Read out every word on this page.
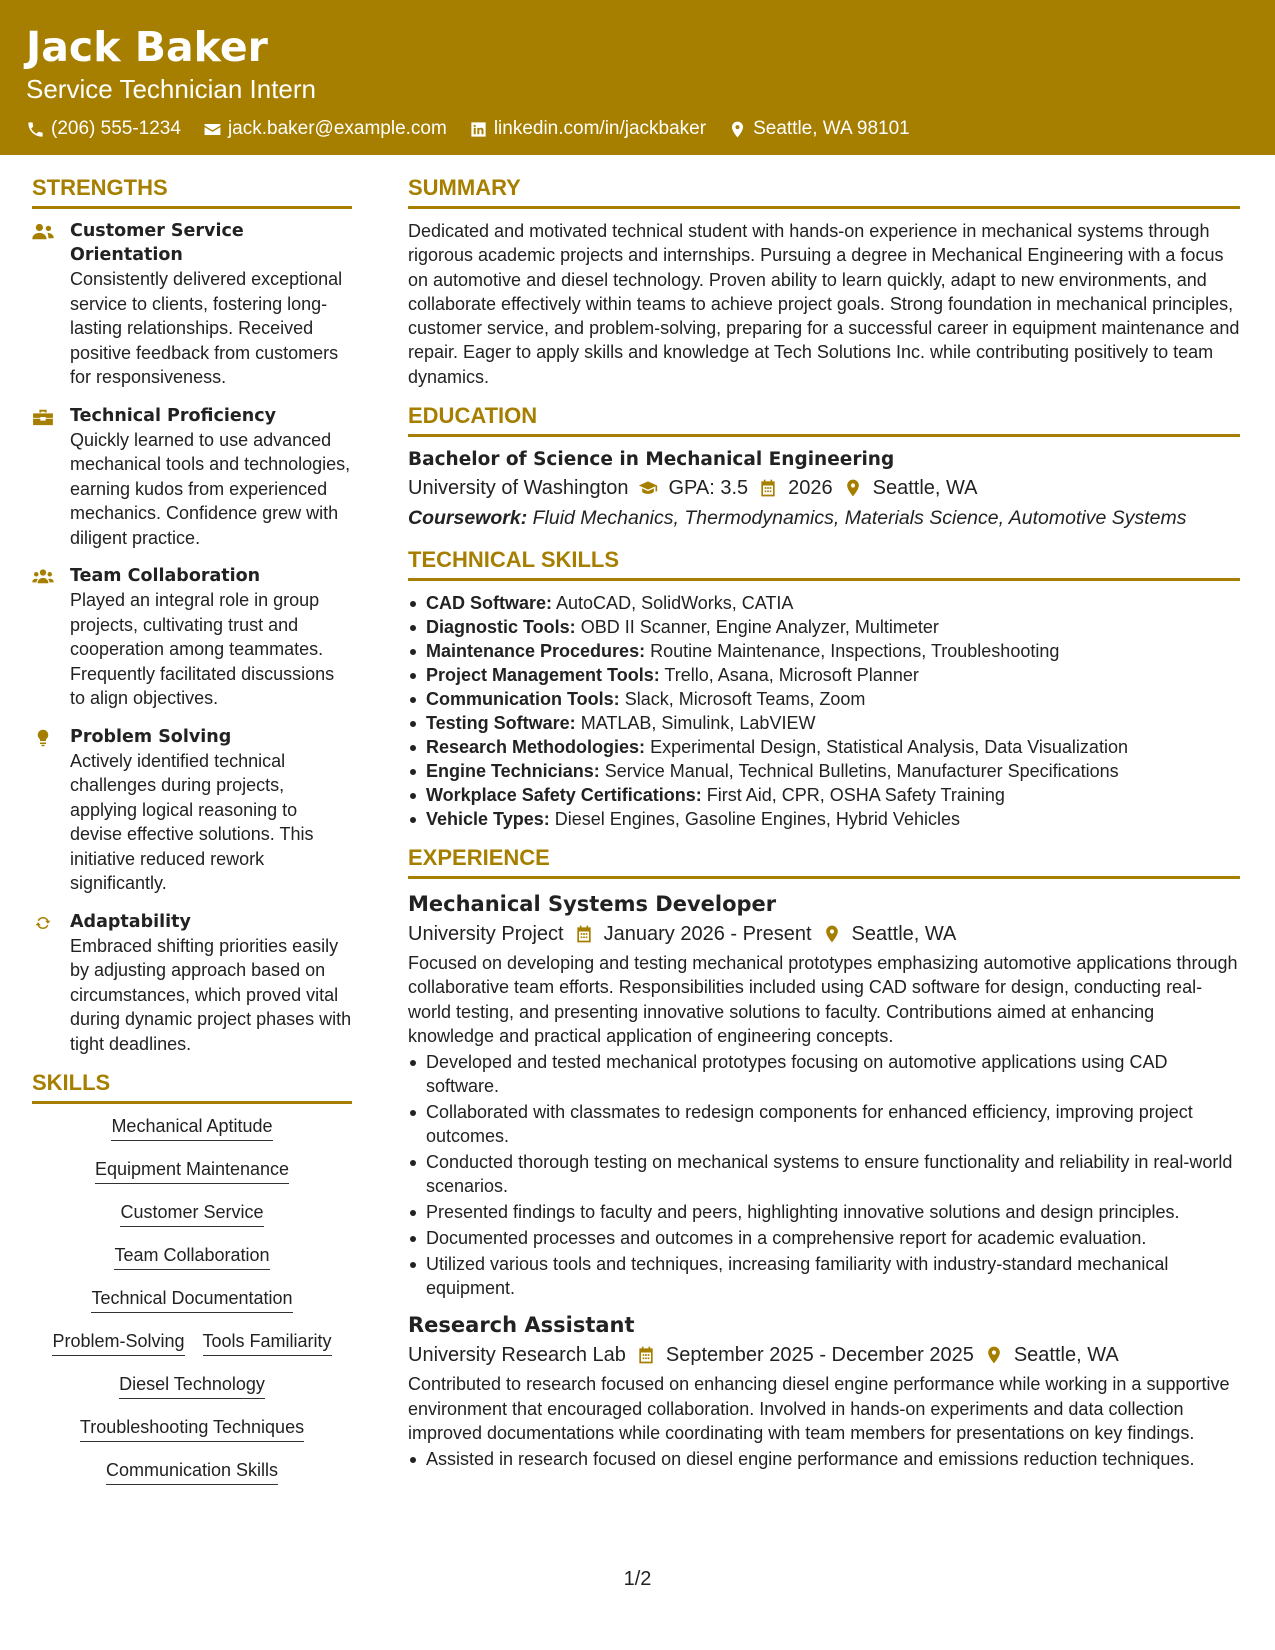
Jack Baker
Service Technician Intern
(206) 555-1234 jack.baker@example.com linkedin.com/in/jackbaker Seattle, WA 98101
STRENGTHS
Customer Service Orientation
Consistently delivered exceptional service to clients, fostering long-lasting relationships. Received positive feedback from customers for responsiveness.
Technical Proficiency
Quickly learned to use advanced mechanical tools and technologies, earning kudos from experienced mechanics. Confidence grew with diligent practice.
Team Collaboration
Played an integral role in group projects, cultivating trust and cooperation among teammates. Frequently facilitated discussions to align objectives.
Problem Solving
Actively identified technical challenges during projects, applying logical reasoning to devise effective solutions. This initiative reduced rework significantly.
Adaptability
Embraced shifting priorities easily by adjusting approach based on circumstances, which proved vital during dynamic project phases with tight deadlines.
SKILLS
Mechanical Aptitude
Equipment Maintenance
Customer Service
Team Collaboration
Technical Documentation
Problem-Solving Tools Familiarity
Diesel Technology
Troubleshooting Techniques
Communication Skills
SUMMARY
Dedicated and motivated technical student with hands-on experience in mechanical systems through rigorous academic projects and internships. Pursuing a degree in Mechanical Engineering with a focus on automotive and diesel technology. Proven ability to learn quickly, adapt to new environments, and collaborate effectively within teams to achieve project goals. Strong foundation in mechanical principles, customer service, and problem-solving, preparing for a successful career in equipment maintenance and repair. Eager to apply skills and knowledge at Tech Solutions Inc. while contributing positively to team dynamics.
EDUCATION
Bachelor of Science in Mechanical Engineering
University of Washington GPA: 3.5 2026 Seattle, WA
Coursework: Fluid Mechanics, Thermodynamics, Materials Science, Automotive Systems
TECHNICAL SKILLS
CAD Software: AutoCAD, SolidWorks, CATIA
Diagnostic Tools: OBD II Scanner, Engine Analyzer, Multimeter
Maintenance Procedures: Routine Maintenance, Inspections, Troubleshooting
Project Management Tools: Trello, Asana, Microsoft Planner
Communication Tools: Slack, Microsoft Teams, Zoom
Testing Software: MATLAB, Simulink, LabVIEW
Research Methodologies: Experimental Design, Statistical Analysis, Data Visualization
Engine Technicians: Service Manual, Technical Bulletins, Manufacturer Specifications
Workplace Safety Certifications: First Aid, CPR, OSHA Safety Training
Vehicle Types: Diesel Engines, Gasoline Engines, Hybrid Vehicles
EXPERIENCE
Mechanical Systems Developer
University Project January 2026 - Present Seattle, WA
Focused on developing and testing mechanical prototypes emphasizing automotive applications through collaborative team efforts. Responsibilities included using CAD software for design, conducting real-world testing, and presenting innovative solutions to faculty. Contributions aimed at enhancing knowledge and practical application of engineering concepts.
Developed and tested mechanical prototypes focusing on automotive applications using CAD software.
Collaborated with classmates to redesign components for enhanced efficiency, improving project outcomes.
Conducted thorough testing on mechanical systems to ensure functionality and reliability in real-world scenarios.
Presented findings to faculty and peers, highlighting innovative solutions and design principles.
Documented processes and outcomes in a comprehensive report for academic evaluation.
Utilized various tools and techniques, increasing familiarity with industry-standard mechanical equipment.
Research Assistant
University Research Lab September 2025 - December 2025 Seattle, WA
Contributed to research focused on enhancing diesel engine performance while working in a supportive environment that encouraged collaboration. Involved in hands-on experiments and data collection improved documentations while coordinating with team members for presentations on key findings.
Assisted in research focused on diesel engine performance and emissions reduction techniques.
1/2
